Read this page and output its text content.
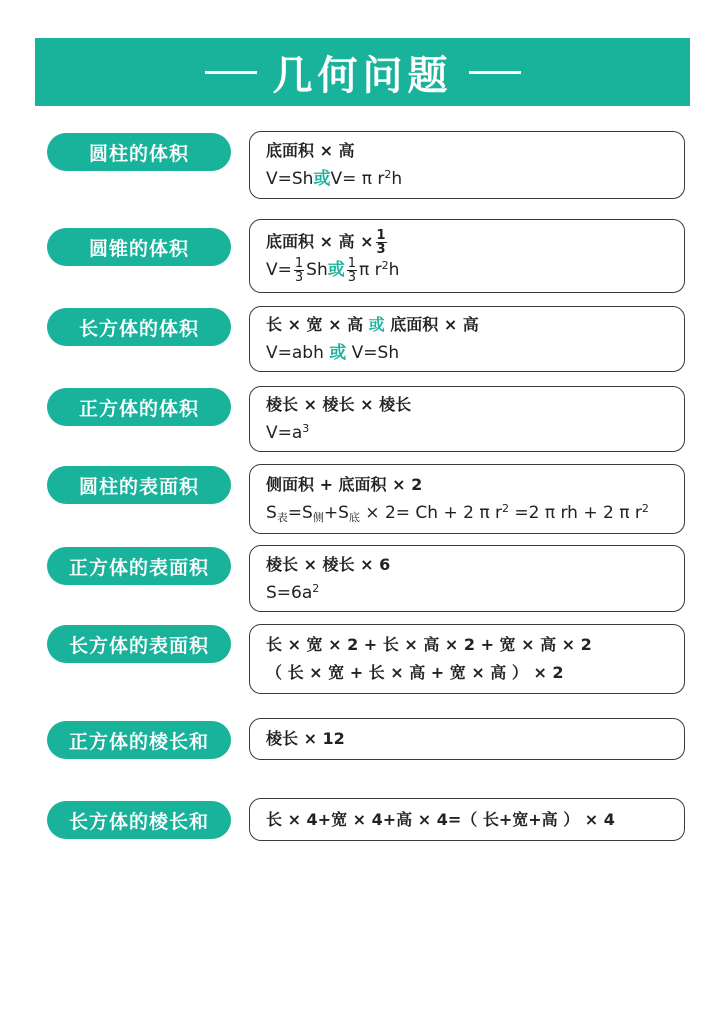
几何问题
圆柱的体积	底面积 × 高
V=Sh或V= π $r^2h$
圆锥的体积	底面积 × 高 × $\frac{1}{3}$
$V= \frac{1}{3}$ Sh或 $\frac{1}{3}$ π $r^2h$
长方体的体积	长 × 宽 × 高 或 底面积 × 高
V=abh 或 V=Sh
正方体的体积	棱长 × 棱长 × 棱长
$V=a^3$
圆柱的表面积	侧面积 + 底面积 × 2
$S_表=S_侧+S_底 \times 2= Ch + 2$ π $r^2 =2$ π rh + 2 π $r^2$
正方体的表面积	棱长 × 棱长 × 6
$S=6a^2$
长方体的表面积	长 × 宽 × 2 + 长 × 高 × 2 + 宽 × 高 × 2
（ 长 × 宽 + 长 × 高 + 宽 × 高 ） × 2
正方体的棱长和	棱长 × 12
长方体的棱长和	长 × 4+宽 × 4+高 × 4=（ 长+宽+高 ） × 4
